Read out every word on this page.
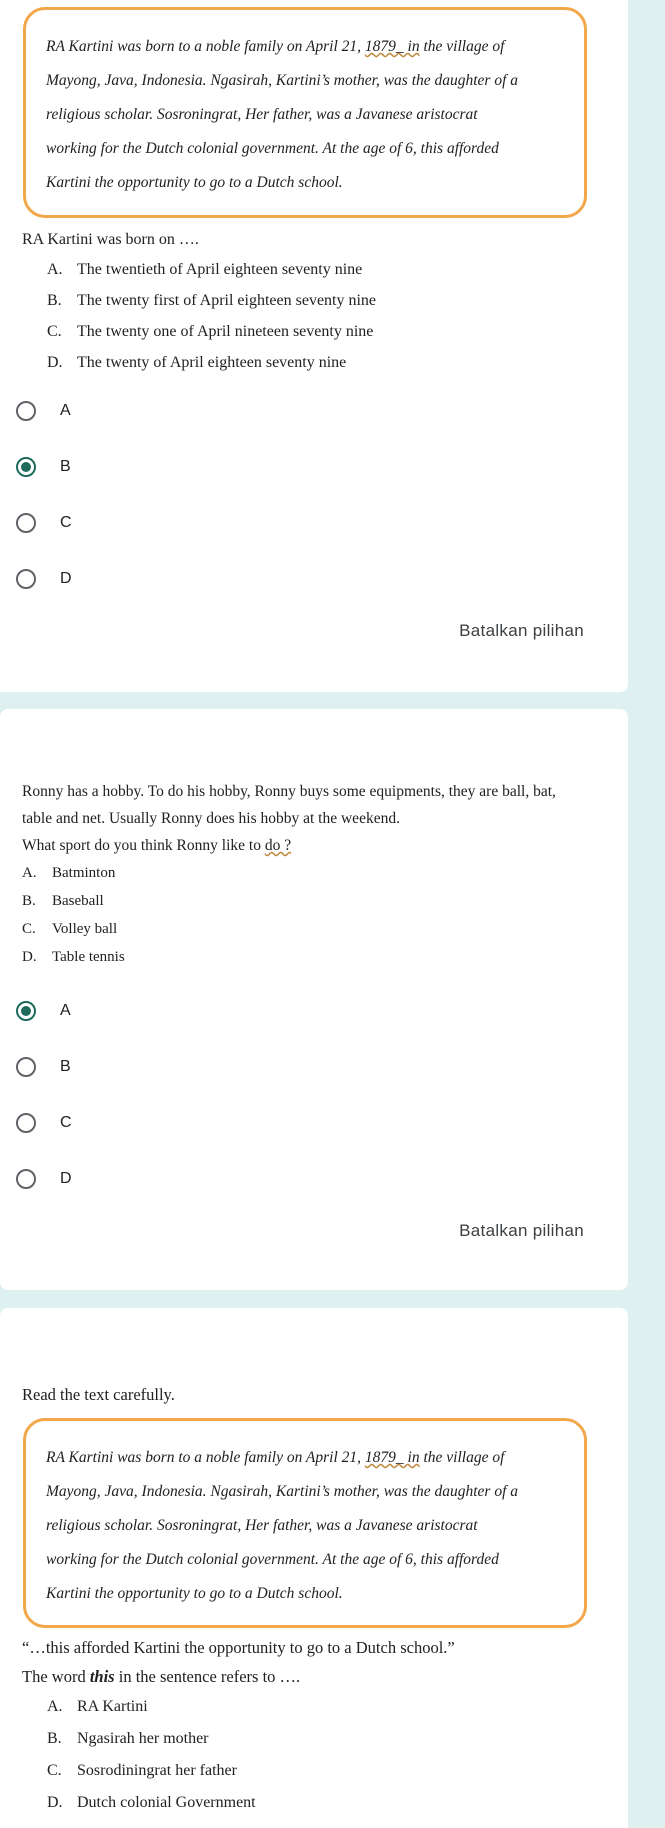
RA Kartini was born to a noble family on April 21, 1879_ in the village of

Mayong, Java, Indonesia. Ngasirah, Kartini’s mother, was the daughter of a

religious scholar. Sosroningrat, Her father, was a Javanese aristocrat

working for the Dutch colonial government. At the age of 6, this afforded

Kartini the opportunity to go to a Dutch school.

RA Kartini was born on ….
A. The twentieth of April eighteen seventy nine
B. The twenty first of April eighteen seventy nine
C. The twenty one of April nineteen seventy nine
D. The twenty of April eighteen seventy nine
A
B
C
D
Batalkan pilihan
Ronny has a hobby. To do his hobby, Ronny buys some equipments, they are ball, bat,
table and net. Usually Ronny does his hobby at the weekend.
What sport do you think Ronny like to do ?
A. Batminton
B. Baseball
C. Volley ball
D. Table tennis
A
B
C
D
Batalkan pilihan
Read the text carefully.

RA Kartini was born to a noble family on April 21, 1879_ in the village of

Mayong, Java, Indonesia. Ngasirah, Kartini’s mother, was the daughter of a

religious scholar. Sosroningrat, Her father, was a Javanese aristocrat

working for the Dutch colonial government. At the age of 6, this afforded

Kartini the opportunity to go to a Dutch school.

“…this afforded Kartini the opportunity to go to a Dutch school.”
The word this in the sentence refers to ….
A. RA Kartini
B. Ngasirah her mother
C. Sosrodiningrat her father
D. Dutch colonial Government
